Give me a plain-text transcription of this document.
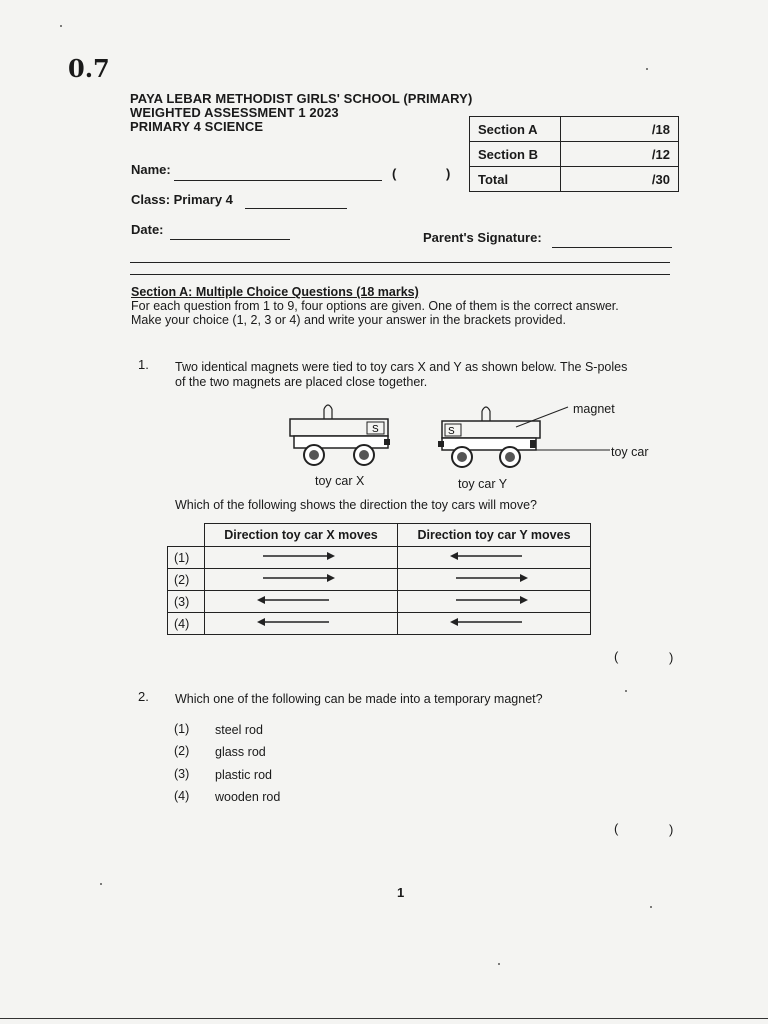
0.7
PAYA LEBAR METHODIST GIRLS' SCHOOL (PRIMARY)
WEIGHTED ASSESSMENT 1 2023
PRIMARY 4 SCIENCE	Section A	/18
Section B	/12
Total	/30
Name:	(	)
Class: Primary 4
Date:
Parent's Signature:
Section A: Multiple Choice Questions (18 marks)
For each question from 1 to 9, four options are given. One of them is the correct answer.
Make your choice (1, 2, 3 or 4) and write your answer in the brackets provided.
1. Two identical magnets were tied to toy cars X and Y as shown below. The S-poles
of the two magnets are placed close together.
S	S
magnet
toy car
toy car X	toy car Y
Which of the following shows the direction the toy cars will move?
	Direction toy car X moves	Direction toy car Y moves
(1)		
(2)		
(3)		
(4)		
(	)
2. Which one of the following can be made into a temporary magnet?
(1) steel rod
(2) glass rod
(3) plastic rod
(4) wooden rod
(	)
1
